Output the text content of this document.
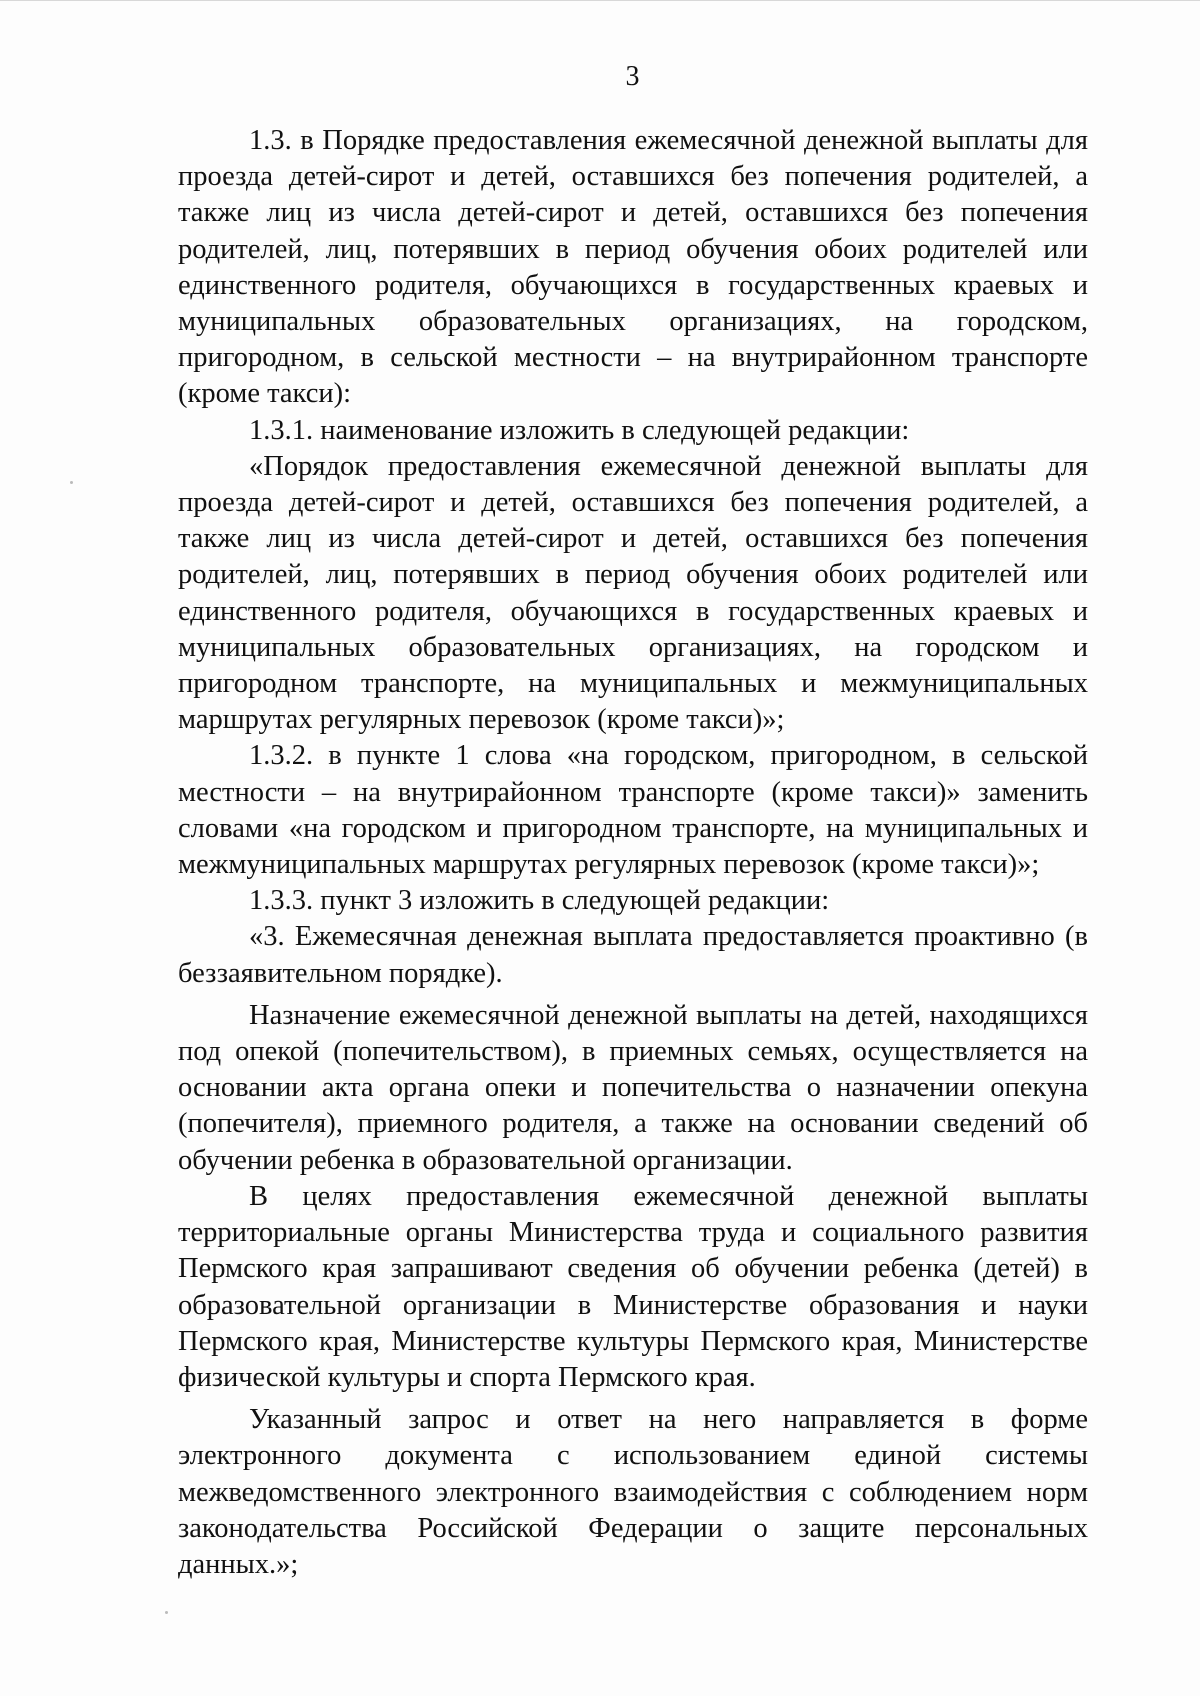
3

1.3. в Порядке предоставления ежемесячной денежной выплаты для проезда детей-сирот и детей, оставшихся без попечения родителей, а также лиц из числа детей-сирот и детей, оставшихся без попечения родителей, лиц, потерявших в период обучения обоих родителей или единственного родителя, обучающихся в государственных краевых и муниципальных образовательных организациях, на городском, пригородном, в сельской местности – на внутрирайонном транспорте (кроме такси):

1.3.1. наименование изложить в следующей редакции:

«Порядок предоставления ежемесячной денежной выплаты для проезда детей-сирот и детей, оставшихся без попечения родителей, а также лиц из числа детей-сирот и детей, оставшихся без попечения родителей, лиц, потерявших в период обучения обоих родителей или единственного родителя, обучающихся в государственных краевых и муниципальных образовательных организациях, на городском и пригородном транспорте, на муниципальных и межмуниципальных маршрутах регулярных перевозок (кроме такси)»;

1.3.2. в пункте 1 слова «на городском, пригородном, в сельской местности – на внутрирайонном транспорте (кроме такси)» заменить словами «на городском и пригородном транспорте, на муниципальных и межмуниципальных маршрутах регулярных перевозок (кроме такси)»;

1.3.3. пункт 3 изложить в следующей редакции:

«3. Ежемесячная денежная выплата предоставляется проактивно (в беззаявительном порядке).

Назначение ежемесячной денежной выплаты на детей, находящихся под опекой (попечительством), в приемных семьях, осуществляется на основании акта органа опеки и попечительства о назначении опекуна (попечителя), приемного родителя, а также на основании сведений об обучении ребенка в образовательной организации.

В целях предоставления ежемесячной денежной выплаты территориальные органы Министерства труда и социального развития Пермского края запрашивают сведения об обучении ребенка (детей) в образовательной организации в Министерстве образования и науки Пермского края, Министерстве культуры Пермского края, Министерстве физической культуры и спорта Пермского края.

Указанный запрос и ответ на него направляется в форме электронного документа с использованием единой системы межведомственного электронного взаимодействия с соблюдением норм законодательства Российской Федерации о защите персональных данных.»;
